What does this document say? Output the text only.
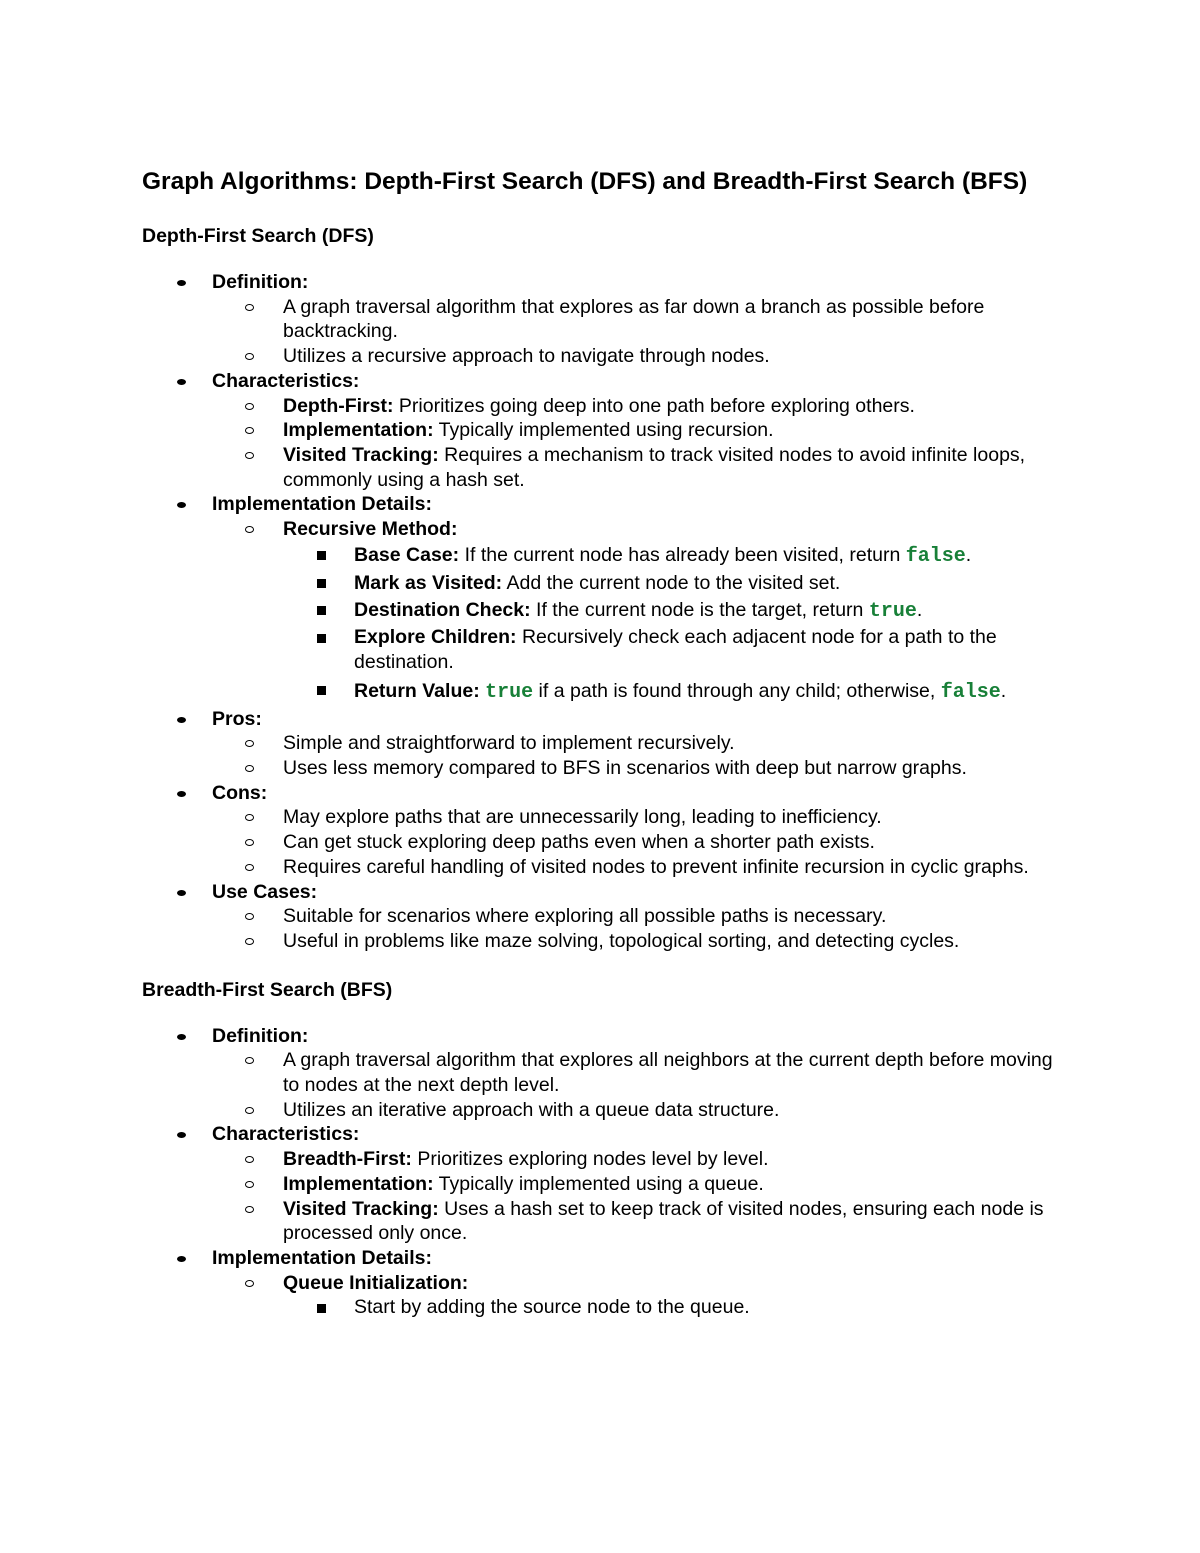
Graph Algorithms: Depth-First Search (DFS) and Breadth-First Search (BFS)
Depth-First Search (DFS)
Definition:
A graph traversal algorithm that explores as far down a branch as possible before backtracking.
Utilizes a recursive approach to navigate through nodes.
Characteristics:
Depth-First: Prioritizes going deep into one path before exploring others.
Implementation: Typically implemented using recursion.
Visited Tracking: Requires a mechanism to track visited nodes to avoid infinite loops, commonly using a hash set.
Implementation Details:
Recursive Method:
Base Case: If the current node has already been visited, return false.
Mark as Visited: Add the current node to the visited set.
Destination Check: If the current node is the target, return true.
Explore Children: Recursively check each adjacent node for a path to the destination.
Return Value: true if a path is found through any child; otherwise, false.
Pros:
Simple and straightforward to implement recursively.
Uses less memory compared to BFS in scenarios with deep but narrow graphs.
Cons:
May explore paths that are unnecessarily long, leading to inefficiency.
Can get stuck exploring deep paths even when a shorter path exists.
Requires careful handling of visited nodes to prevent infinite recursion in cyclic graphs.
Use Cases:
Suitable for scenarios where exploring all possible paths is necessary.
Useful in problems like maze solving, topological sorting, and detecting cycles.
Breadth-First Search (BFS)
Definition:
A graph traversal algorithm that explores all neighbors at the current depth before moving to nodes at the next depth level.
Utilizes an iterative approach with a queue data structure.
Characteristics:
Breadth-First: Prioritizes exploring nodes level by level.
Implementation: Typically implemented using a queue.
Visited Tracking: Uses a hash set to keep track of visited nodes, ensuring each node is processed only once.
Implementation Details:
Queue Initialization:
Start by adding the source node to the queue.
